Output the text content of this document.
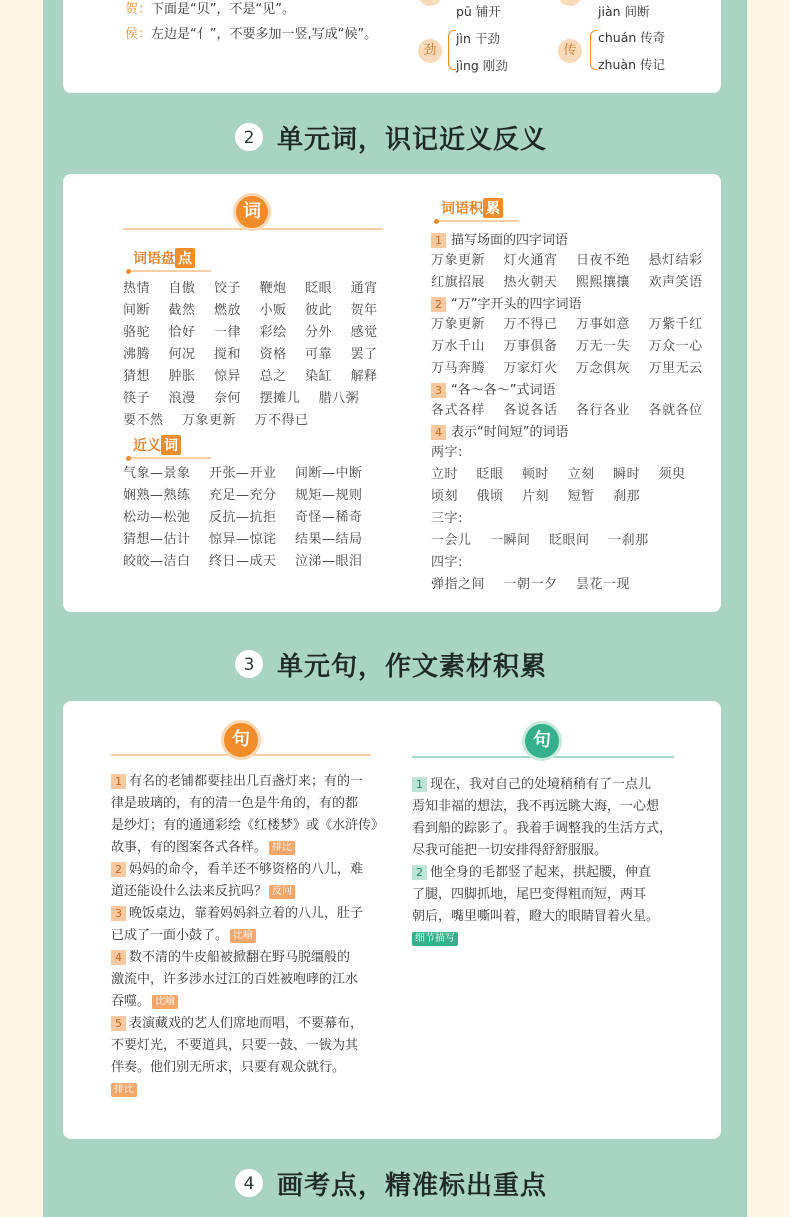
贺：下面是“贝”，不是“见”。
侯：左边是“亻”，不要多加一竖,写成“候”。
pū 铺开	jiàn 间断
劲
jìn 干劲
jìng 刚劲
传
chuán 传奇
zhuàn 传记
2 单元词，识记近义反义
词
词语盘 点
热情    自傲    饺子    鞭炮    眨眼    通宵
间断    截然    燃放    小贩    彼此    贺年
骆驼    恰好    一律    彩绘    分外    感觉
沸腾    何况    搅和    资格    可靠    罢了
猜想    肿胀    惊异    总之    染缸    解释
筷子    浪漫    奈何    摆摊儿    腊八粥
要不然    万象更新    万不得已
近义 词
气象—景象    开张—开业    间断—中断
娴熟—熟练    充足—充分    规矩—规则
松动—松弛    反抗—抗拒    奇怪—稀奇
猜想—估计    惊异—惊诧    结果—结局
皎皎—洁白    终日—成天    泣涕—眼泪
词语积 累
1 描写场面的四字词语
万象更新    灯火通宵    日夜不绝    悬灯结彩
红旗招展    热火朝天    熙熙攘攘    欢声笑语
2 “万”字开头的四字词语
万象更新    万不得已    万事如意    万紫千红
万水千山    万事俱备    万无一失    万众一心
万马奔腾    万家灯火    万念俱灰    万里无云
3 “各～各～”式词语
各式各样    各说各话    各行各业    各就各位
4 表示“时间短”的词语
两字:
立时    眨眼    顿时    立刻    瞬时    须臾
顷刻    俄顷    片刻    短暂    刹那
三字:
一会儿    一瞬间    眨眼间    一刹那
四字:
弹指之间    一朝一夕    昙花一现
3 单元句，作文素材积累
句	句
1 有名的老铺都要挂出几百盏灯来；有的一
律是玻璃的，有的清一色是牛角的，有的都
是纱灯；有的通通彩绘《红楼梦》或《水浒传》
故事，有的图案各式各样。 排比

2 妈妈的命令，看羊还不够资格的八儿，难
道还能设什么法来反抗吗？ 反问

3 晚饭桌边，靠着妈妈斜立着的八儿，肚子
已成了一面小鼓了。 比喻

4 数不清的牛皮船被掀翻在野马脱缰般的
激流中，许多涉水过江的百姓被咆哮的江水
吞噬。 比喻

5 表演藏戏的艺人们席地而唱，不要幕布，
不要灯光，不要道具，只要一鼓、一钹为其
伴奏。他们别无所求，只要有观众就行。
排比
1 现在，我对自己的处境稍稍有了一点儿
焉知非福的想法，我不再远眺大海，一心想
看到船的踪影了。我着手调整我的生活方式，
尽我可能把一切安排得舒舒服服。

2 他全身的毛都竖了起来，拱起腰，伸直
了腿，四脚抓地，尾巴变得粗而短，两耳
朝后，嘴里嘶叫着，瞪大的眼睛冒着火星。

细节描写
4 画考点，精准标出重点
